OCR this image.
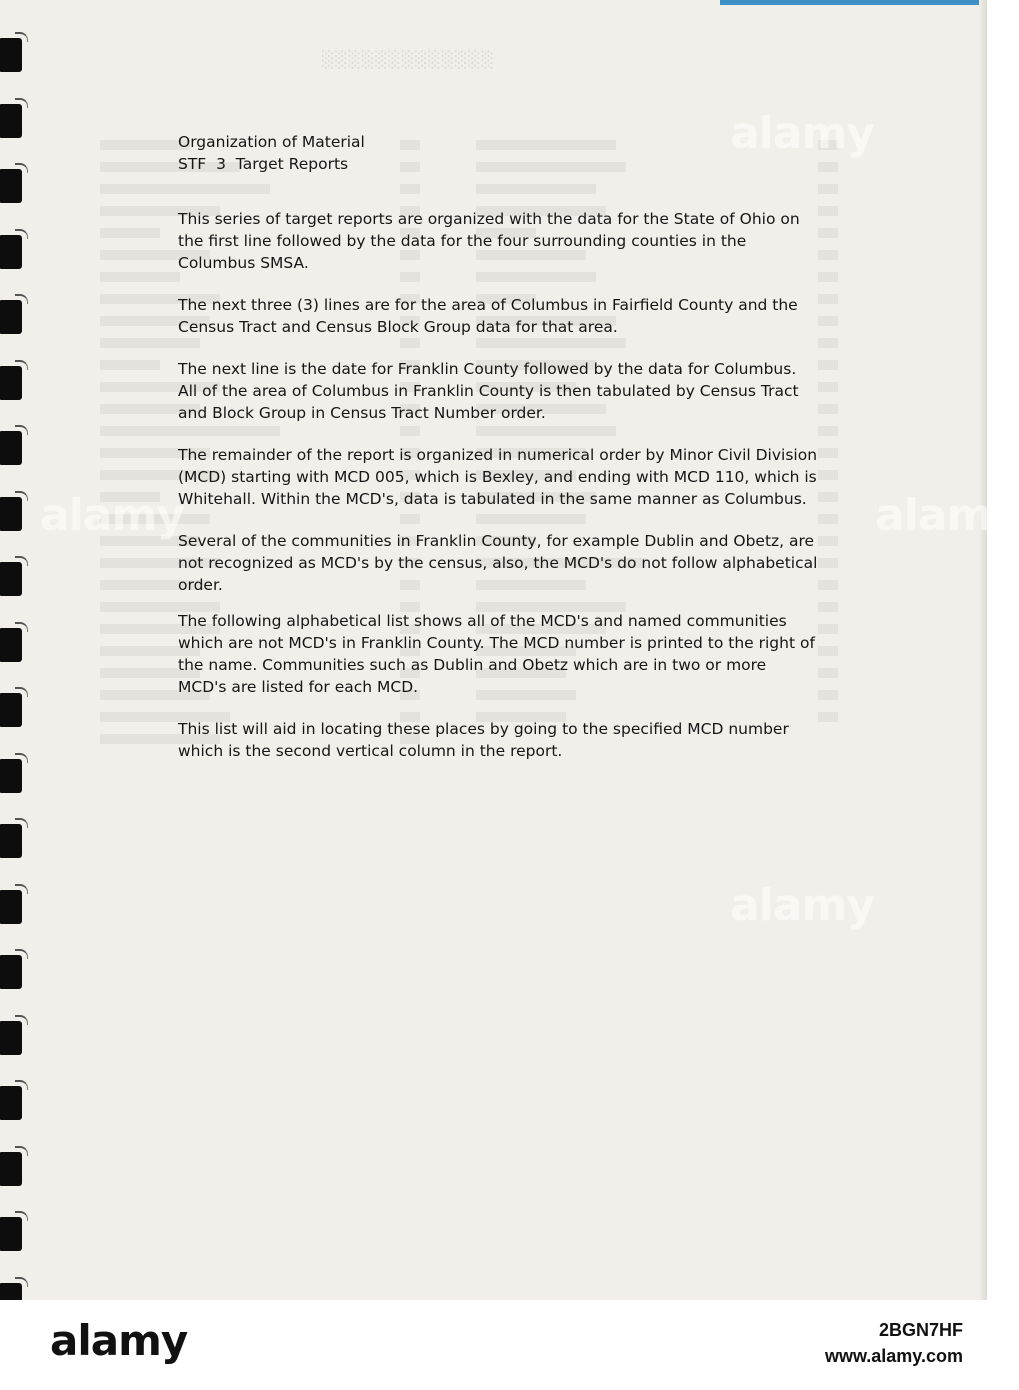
░░░░░░░░░░░░░
alamy
alamy
alamy	alamy

Organization of Material

STF  3  Target Reports

This series of target reports are organized with the data for the State of Ohio on the first line followed by the data for the four surrounding counties in the Columbus SMSA.

The next three (3) lines are for the area of Columbus in Fairfield County and the Census Tract and Census Block Group data for that area.

The next line is the date for Franklin County followed by the data for Columbus. All of the area of Columbus in Franklin County is then tabulated by Census Tract and Block Group in Census Tract Number order.

The remainder of the report is organized in numerical order by Minor Civil Division (MCD) starting with MCD 005, which is Bexley, and ending with MCD 110, which is Whitehall. Within the MCD's, data is tabulated in the same manner as Columbus.

Several of the communities in Franklin County, for example Dublin and Obetz, are not recognized as MCD's by the census, also, the MCD's do not follow alphabetical order.

The following alphabetical list shows all of the MCD's and named communities which are not MCD's in Franklin County. The MCD number is printed to the right of the name. Communities such as Dublin and Obetz which are in two or more MCD's are listed for each MCD.

This list will aid in locating these places by going to the specified MCD number which is the second vertical column in the report.

alamy	2BGN7HF
www.alamy.com
